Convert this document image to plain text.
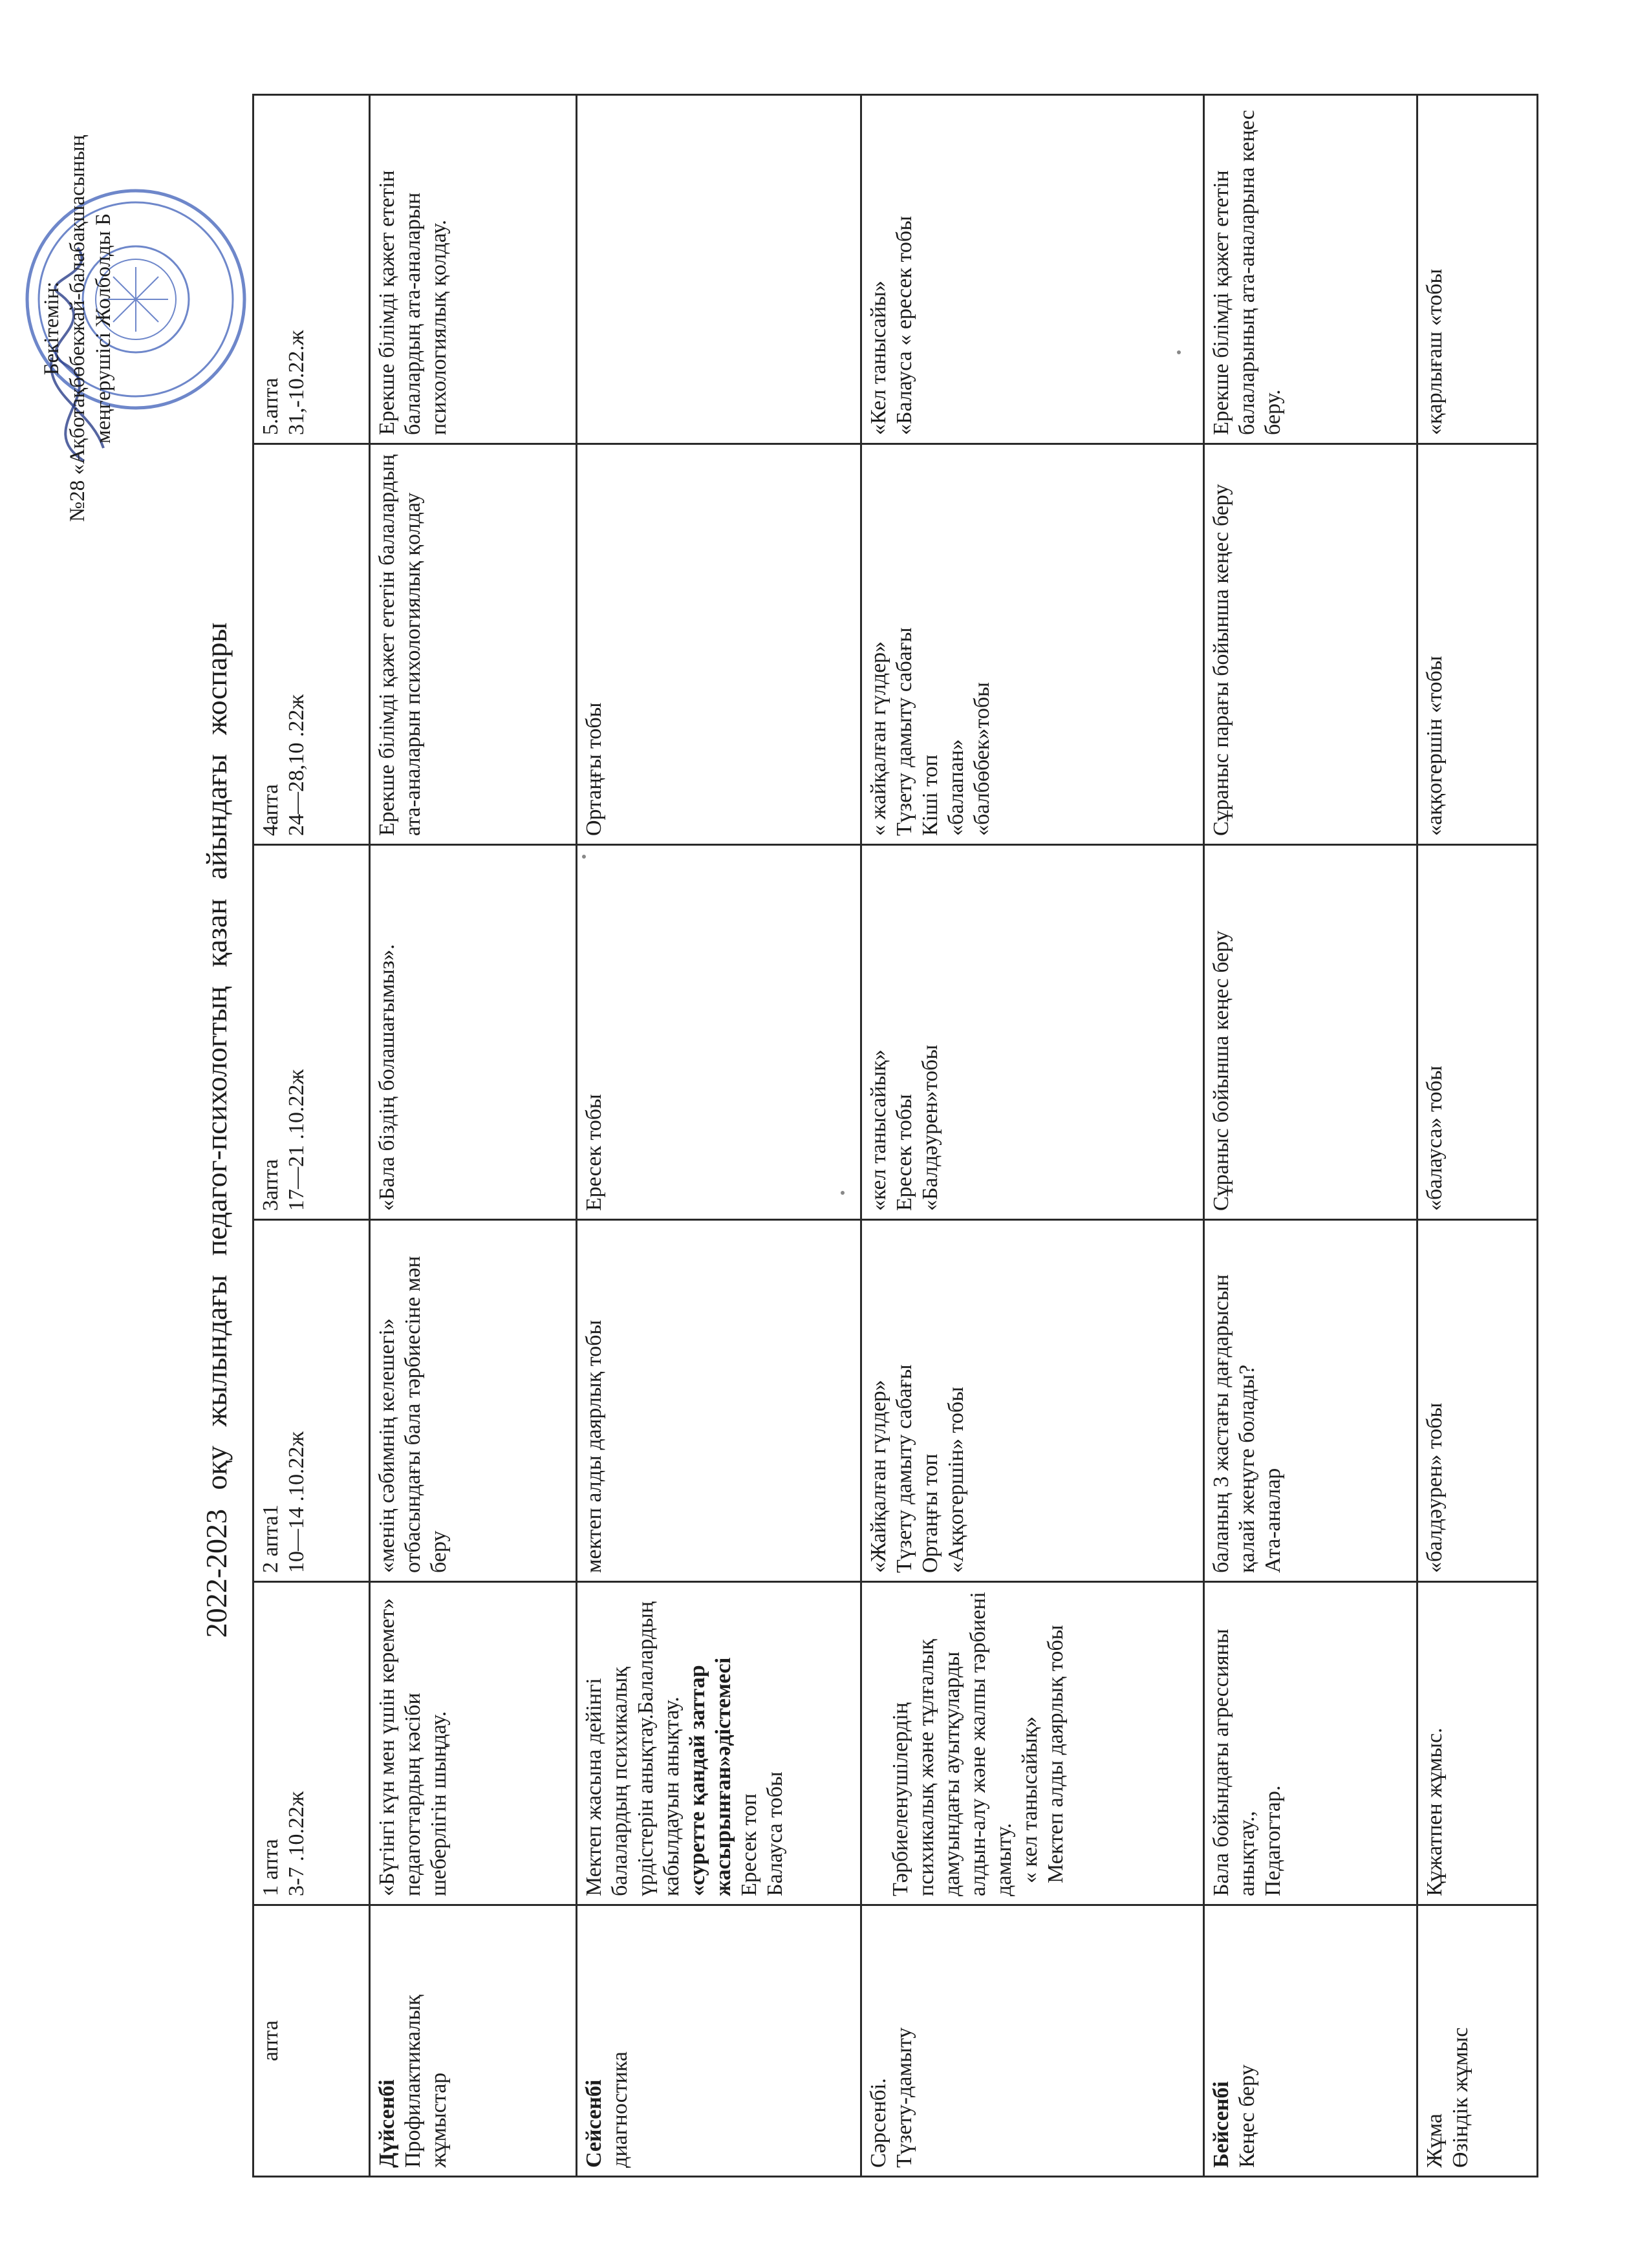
Бекітемін: №28 «Ақботақбөбекжай-балабақшасының меңгерушісі Жолболды Б
2022-2023 оқу жылындағы педагог-психологтың қазан айындағы жоспары
апта	1 апта 3-7 .10.22ж	2 апта1 10—14 .10.22ж	3апта 17—21 .10.22ж	4апта 24—28,10 .22ж	5.апта 31,-10.22.ж

Дүйсенбі Профилактикалық жұмыстар	«Бүгінгі күн мен үшін керемет» педагогтардың кәсіби шеберлігін шыңдау.	«менің сәбимнің келешегі» отбасындағы бала тәрбиесіне мән беру	«Бала біздің болашағымыз».	Ерекше білімді қажет ететін балалардың ата-аналарын психологиялық қолдау	Ерекше білімді қажет ететін балалардың ата-аналарын психологиялық қолдау.

Сейсенбі диагностика	Мектеп жасына дейінгі балалардың психикалық үрдістерін анықтау.Балалардың кабылдауын анықтау. «суретте қандай заттар жасырынған»әдістемесі Ересек топ Балауса тобы	мектеп алды даярлық тобы	Ересек тобы	Ортаңғы тобы	

Сәрсенбі. Түзету-дамыту	Тәрбиеленушілердің психикалық және тұлғалық дамуындағы ауытқуларды алдын-алу және жалпы тәрбиені дамыту. « кел танысайық» Мектеп алды даярлық тобы	«Жайқалған гүлдер» Түзету дамыту сабағы Ортаңғы топ «Аққогершін» тобы	«кел танысайық» Ересек тобы «Балдәурен»тобы	« жайқалған гүлдер» Түзету дамыту сабағы Кіші топ «балапан» «балбөбек»тобы	«Кел танысайы» «Балауса « ересек тобы

Бейсенбі Кеңес беру	Бала бойындағы агрессияны анықтау., Педагогтар.	баланың 3 жастағы дағдарысын қалай жеңуге болады? Ата-аналар	Сұраныс бойынша кеңес беру	Сұраныс парағы бойынша кеңес беру	Ерекше білімді қажет ететін балаларының ата-аналарына кеңес беру.

Жұма Өзіндік жұмыс	Құжатпен жұмыс.	«балдәурен» тобы	«балауса» тобы	«аққогершін «тобы	«қарлығаш «тобы
